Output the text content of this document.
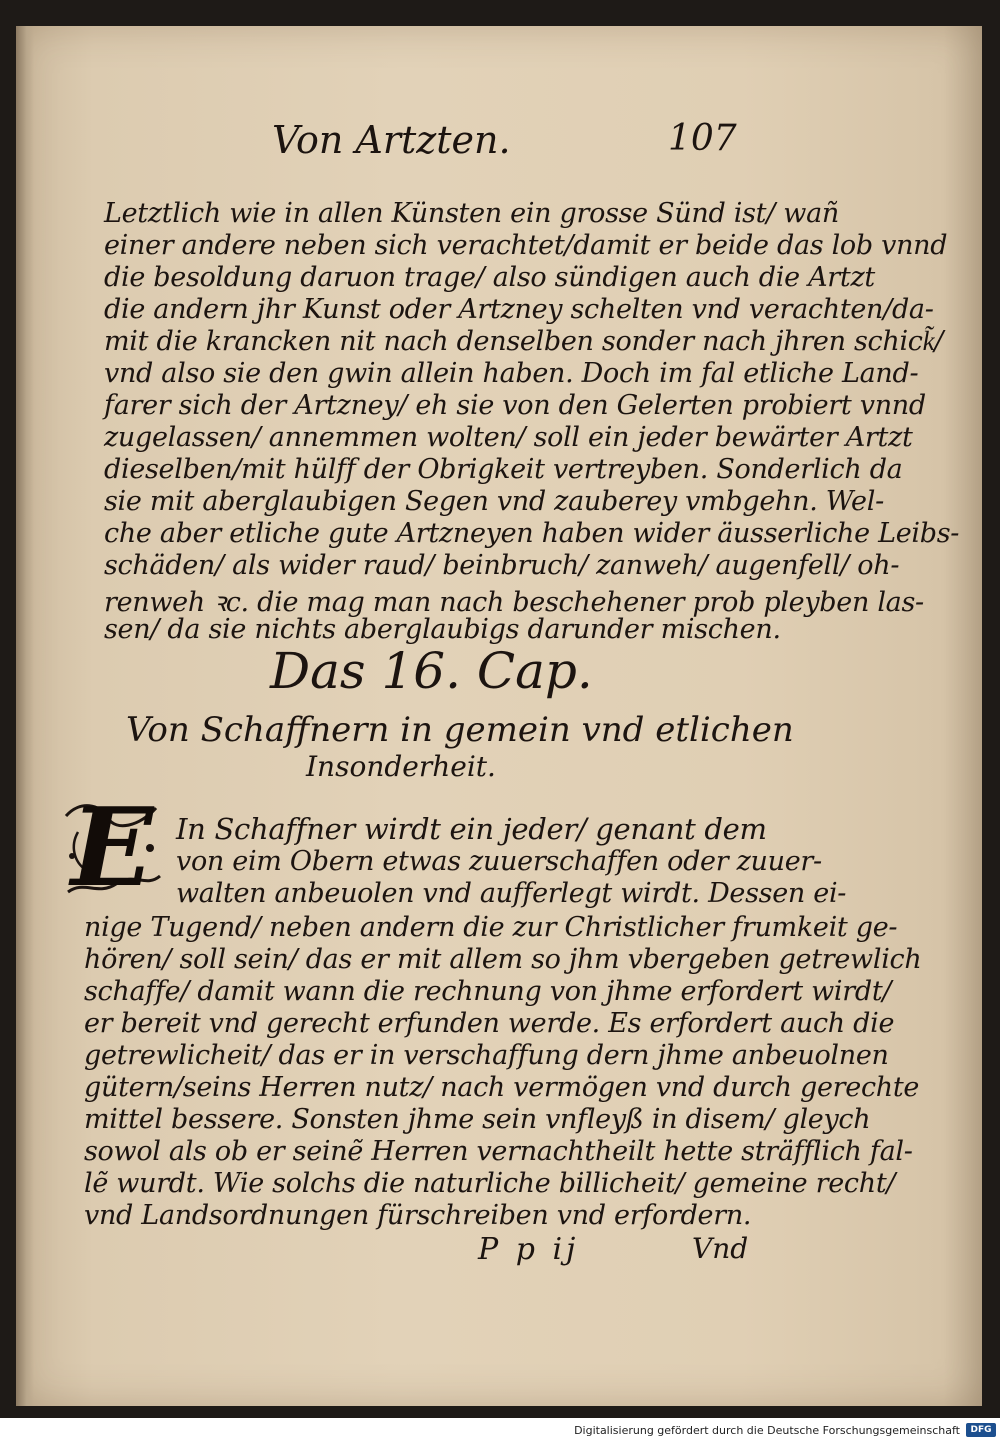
Von Artzten.	107
Letztlich wie in allen Künsten ein grosse Sünd ist/ wañ
einer andere neben sich verachtet/damit er beide das lob vnnd
die besoldung daruon trage/ also sündigen auch die Artzt
die andern jhr Kunst oder Artzney schelten vnd verachten/da-
mit die krancken nit nach denselben sonder nach jhren schick͂/
vnd also sie den gwin allein haben. Doch im fal etliche Land-
farer sich der Artzney/ eh sie von den Gelerten probiert vnnd
zugelassen/ annemmen wolten/ soll ein jeder bewärter Artzt
dieselben/mit hülff der Obrigkeit vertreyben. Sonderlich da
sie mit aberglaubigen Segen vnd zauberey vmbgehn. Wel-
che aber etliche gute Artzneyen haben wider äusserliche Leibs-
schäden/ als wider raud/ beinbruch/ zanweh/ augenfell/ oh-
renweh ꝛc. die mag man nach beschehener prob pleyben las-
sen/ da sie nichts aberglaubigs darunder mischen.
Das 16. Cap.
Von Schaffnern in gemein vnd etlichen
Insonderheit.
E In Schaffner wirdt ein jeder/ genant dem
von eim Obern etwas zuuerschaffen oder zuuer-
walten anbeuolen vnd aufferlegt wirdt. Dessen ei-
nige Tugend/ neben andern die zur Christlicher frumkeit ge-
hören/ soll sein/ das er mit allem so jhm vbergeben getrewlich
schaffe/ damit wann die rechnung von jhme erfordert wirdt/
er bereit vnd gerecht erfunden werde. Es erfordert auch die
getrewlicheit/ das er in verschaffung dern jhme anbeuolnen
gütern/seins Herren nutz/ nach vermögen vnd durch gerechte
mittel bessere. Sonsten jhme sein vnfleyß in disem/ gleych
sowol als ob er seinẽ Herren vernachtheilt hette sträfflich fal-
lẽ wurdt. Wie solchs die naturliche billicheit/ gemeine recht/
vnd Landsordnungen fürschreiben vnd erfordern.
P p ij	Vnd
Digitalisierung gefördert durch die Deutsche Forschungsgemeinschaft	DFG
